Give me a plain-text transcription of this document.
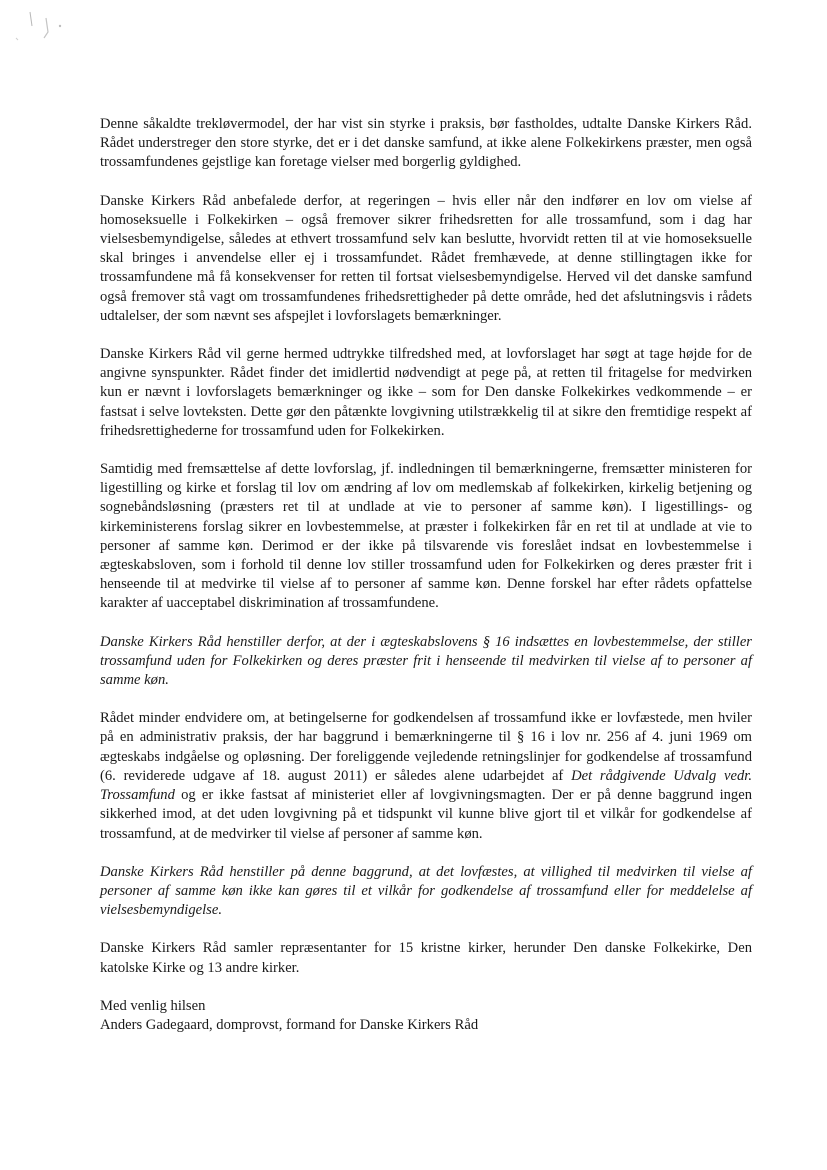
Denne såkaldte trekløvermodel, der har vist sin styrke i praksis, bør fastholdes, udtalte Danske Kirkers Råd. Rådet understreger den store styrke, det er i det danske samfund, at ikke alene Folkekirkens præster, men også trossamfundenes gejstlige kan foretage vielser med borgerlig gyldighed.

Danske Kirkers Råd anbefalede derfor, at regeringen – hvis eller når den indfører en lov om vielse af homoseksuelle i Folkekirken – også fremover sikrer frihedsretten for alle trossamfund, som i dag har vielsesbemyndigelse, således at ethvert trossamfund selv kan beslutte, hvorvidt retten til at vie homoseksuelle skal bringes i anvendelse eller ej i trossamfundet. Rådet fremhævede, at denne stillingtagen ikke for trossamfundene må få konsekvenser for retten til fortsat vielsesbemyndigelse. Herved vil det danske samfund også fremover stå vagt om trossamfundenes frihedsrettigheder på dette område, hed det afslutningsvis i rådets udtalelser, der som nævnt ses afspejlet i lovforslagets bemærkninger.

Danske Kirkers Råd vil gerne hermed udtrykke tilfredshed med, at lovforslaget har søgt at tage højde for de angivne synspunkter. Rådet finder det imidlertid nødvendigt at pege på, at retten til fritagelse for medvirken kun er nævnt i lovforslagets bemærkninger og ikke – som for Den danske Folkekirkes vedkommende – er fastsat i selve lovteksten. Dette gør den påtænkte lovgivning utilstrækkelig til at sikre den fremtidige respekt af frihedsrettighederne for trossamfund uden for Folkekirken.

Samtidig med fremsættelse af dette lovforslag, jf. indledningen til bemærkningerne, fremsætter ministeren for ligestilling og kirke et forslag til lov om ændring af lov om medlemskab af folkekirken, kirkelig betjening og sognebåndsløsning (præsters ret til at undlade at vie to personer af samme køn). I ligestillings- og kirkeministerens forslag sikrer en lovbestemmelse, at præster i folkekirken får en ret til at undlade at vie to personer af samme køn. Derimod er der ikke på tilsvarende vis foreslået indsat en lovbestemmelse i ægteskabsloven, som i forhold til denne lov stiller trossamfund uden for Folkekirken og deres præster frit i henseende til at medvirke til vielse af to personer af samme køn. Denne forskel har efter rådets opfattelse karakter af uacceptabel diskrimination af trossamfundene.

Danske Kirkers Råd henstiller derfor, at der i ægteskabslovens § 16 indsættes en lovbestemmelse, der stiller trossamfund uden for Folkekirken og deres præster frit i henseende til medvirken til vielse af to personer af samme køn.

Rådet minder endvidere om, at betingelserne for godkendelsen af trossamfund ikke er lovfæstede, men hviler på en administrativ praksis, der har baggrund i bemærkningerne til § 16 i lov nr. 256 af 4. juni 1969 om ægteskabs indgåelse og opløsning. Der foreliggende vejledende retningslinjer for godkendelse af trossamfund (6. reviderede udgave af 18. august 2011) er således alene udarbejdet af Det rådgivende Udvalg vedr. Trossamfund og er ikke fastsat af ministeriet eller af lovgivningsmagten. Der er på denne baggrund ingen sikkerhed imod, at det uden lovgivning på et tidspunkt vil kunne blive gjort til et vilkår for godkendelse af trossamfund, at de medvirker til vielse af personer af samme køn.

Danske Kirkers Råd henstiller på denne baggrund, at det lovfæstes, at villighed til medvirken til vielse af personer af samme køn ikke kan gøres til et vilkår for godkendelse af trossamfund eller for meddelelse af vielsesbemyndigelse.

Danske Kirkers Råd samler repræsentanter for 15 kristne kirker, herunder Den danske Folkekirke, Den katolske Kirke og 13 andre kirker.

Med venlig hilsen

Anders Gadegaard, domprovst, formand for Danske Kirkers Råd
